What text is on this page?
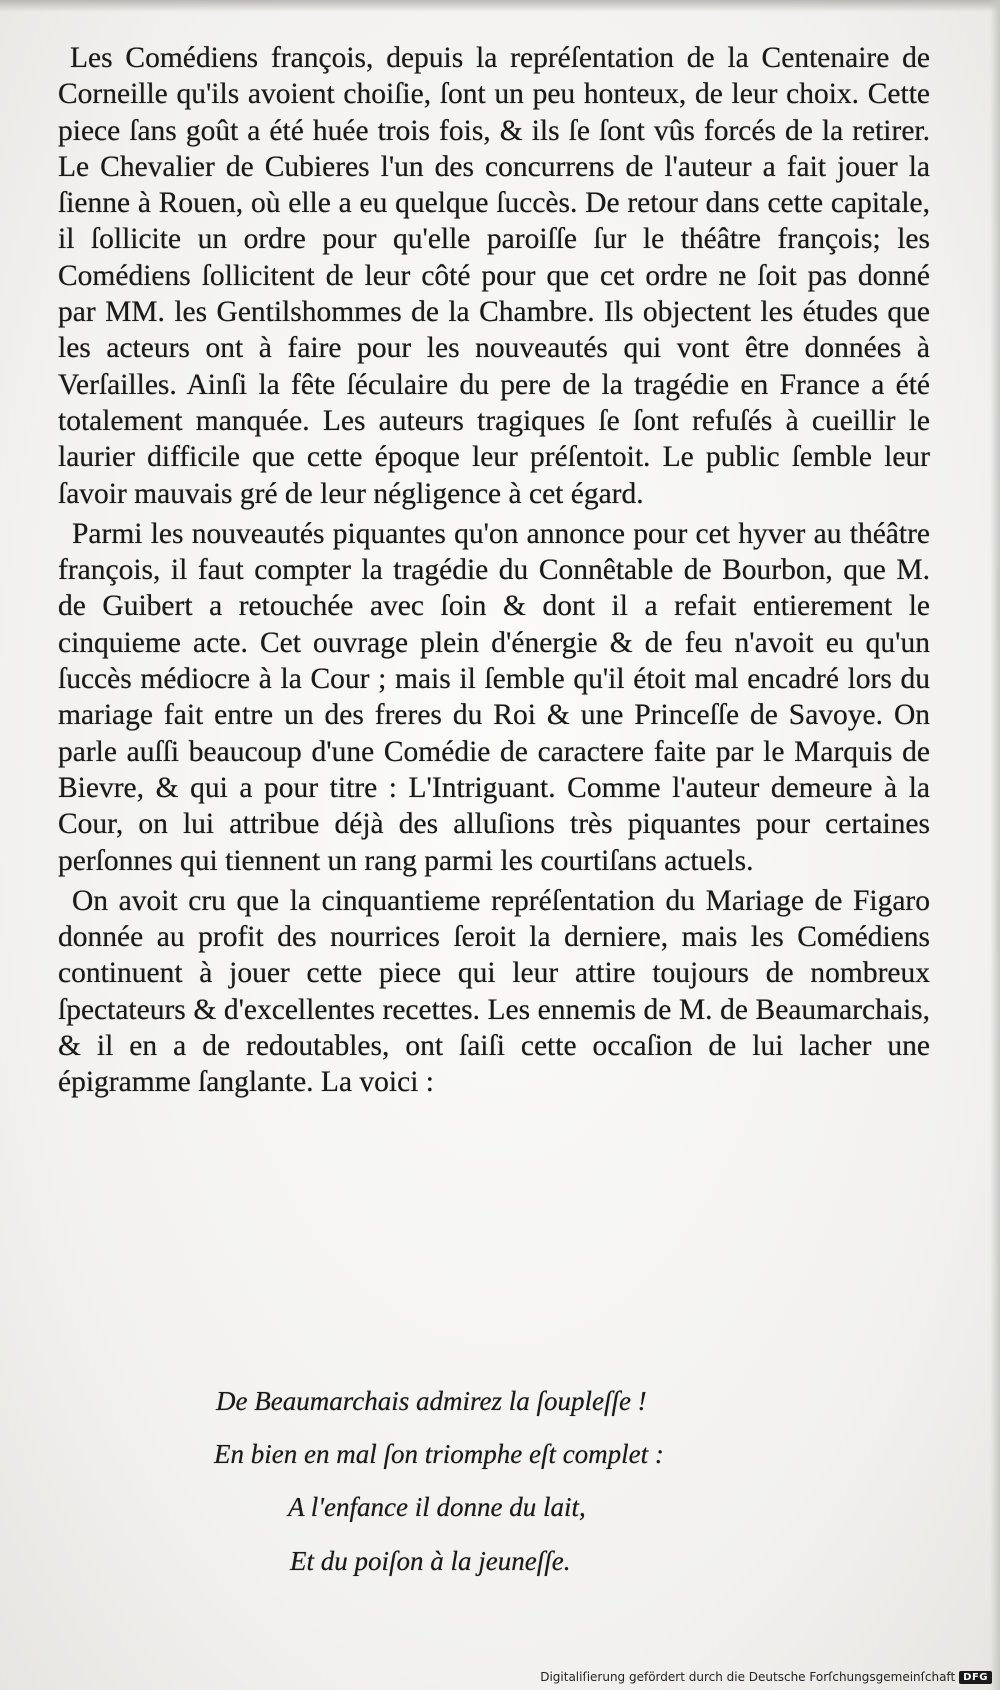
Les Comédiens françois, depuis la repréſentation de la Centenaire de Corneille qu'ils avoient choiſie, ſont un peu honteux, de leur choix. Cette piece ſans goût a été huée trois fois, & ils ſe ſont vûs forcés de la retirer. Le Chevalier de Cubieres l'un des concurrens de l'auteur a fait jouer la ſienne à Rouen, où elle a eu quelque ſuccès. De retour dans cette capitale, il ſollicite un ordre pour qu'elle paroiſſe ſur le théâtre françois; les Comédiens ſollicitent de leur côté pour que cet ordre ne ſoit pas donné par MM. les Gentilshommes de la Chambre. Ils objectent les études que les acteurs ont à faire pour les nouveautés qui vont être données à Verſailles. Ainſi la fête ſéculaire du pere de la tragédie en France a été totalement manquée. Les auteurs tragiques ſe ſont refuſés à cueillir le laurier difficile que cette époque leur préſentoit. Le public ſemble leur ſavoir mauvais gré de leur négligence à cet égard.

Parmi les nouveautés piquantes qu'on annonce pour cet hyver au théâtre françois, il faut compter la tragédie du Connêtable de Bourbon, que M. de Guibert a retouchée avec ſoin & dont il a refait entierement le cinquieme acte. Cet ouvrage plein d'énergie & de feu n'avoit eu qu'un ſuccès médiocre à la Cour ; mais il ſemble qu'il étoit mal encadré lors du mariage fait entre un des freres du Roi & une Princeſſe de Savoye. On parle auſſi beaucoup d'une Comédie de caractere faite par le Marquis de Bievre, & qui a pour titre : L'Intriguant. Comme l'auteur demeure à la Cour, on lui attribue déjà des alluſions très piquantes pour certaines perſonnes qui tiennent un rang parmi les courtiſans actuels.

On avoit cru que la cinquantieme repréſentation du Mariage de Figaro donnée au profit des nourrices ſeroit la derniere, mais les Comédiens continuent à jouer cette piece qui leur attire toujours de nombreux ſpectateurs & d'excellentes recettes. Les ennemis de M. de Beaumarchais, & il en a de redoutables, ont ſaiſi cette occaſion de lui lacher une épigramme ſanglante. La voici :

De Beaumarchais admirez la ſoupleſſe !
En bien en mal ſon triomphe eſt complet :
A l'enfance il donne du lait,
Et du poiſon à la jeuneſſe.
Digitaliſierung gefördert durch die Deutsche Forſchungsgemeinſchaft DFG
